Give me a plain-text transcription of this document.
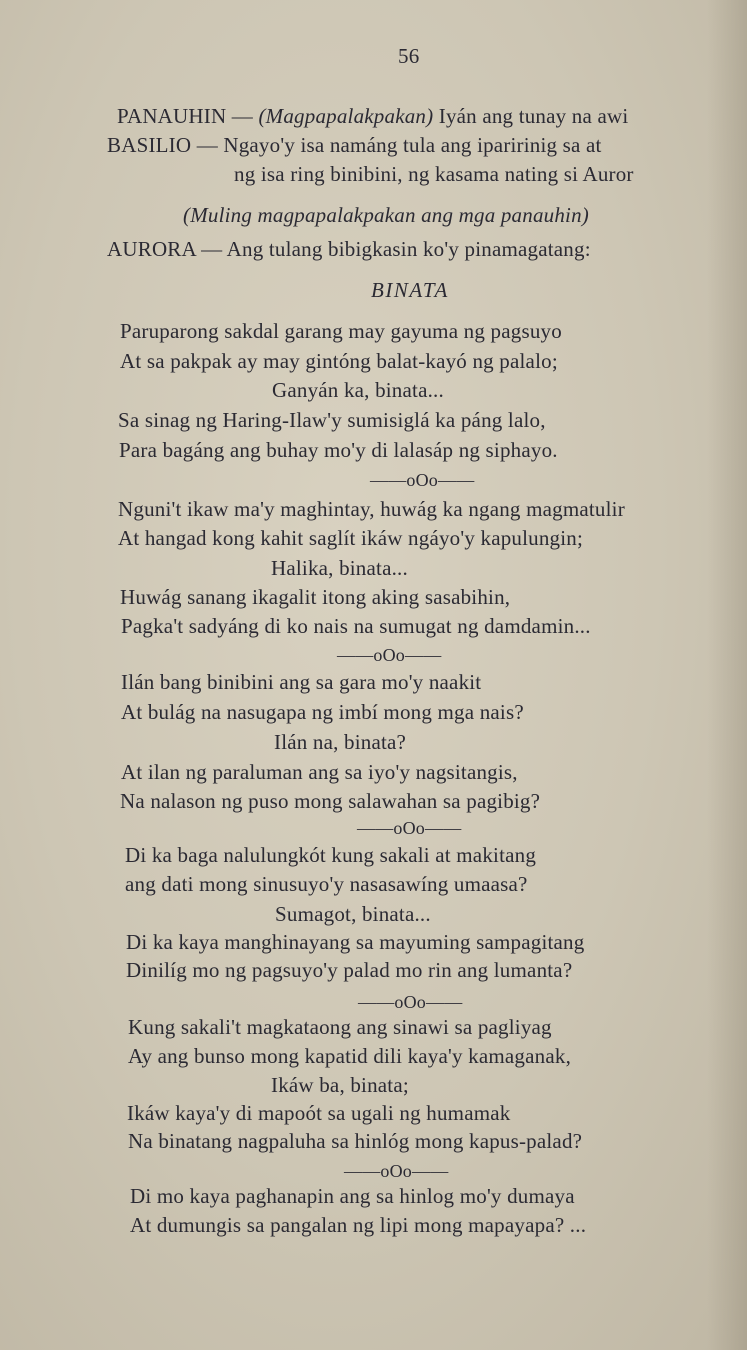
56
PANAUHIN — (Magpapalakpakan) Iyán ang tunay na awi
BASILIO — Ngayo'y isa namáng tula ang iparirinig sa at
ng isa ring binibini, ng kasama nating si Auror
(Muling magpapalakpakan ang mga panauhin)
AURORA — Ang tulang bibigkasin ko'y pinamagatang:
BINATA
Paruparong sakdal garang may gayuma ng pagsuyo
At sa pakpak ay may gintóng balat-kayó ng palalo;
Ganyán ka, binata...
Sa sinag ng Haring-Ilaw'y sumisiglá ka páng lalo,
Para bagáng ang buhay mo'y di lalasáp ng siphayo.
——oOo——
Nguni't ikaw ma'y maghintay, huwág ka ngang magmatulir
At hangad kong kahit saglít ikáw ngáyo'y kapulungin;
Halika, binata...
Huwág sanang ikagalit itong aking sasabihin,
Pagka't sadyáng di ko nais na sumugat ng damdamin...
——oOo——
Ilán bang binibini ang sa gara mo'y naakit
At bulág na nasugapa ng imbí mong mga nais?
Ilán na, binata?
At ilan ng paraluman ang sa iyo'y nagsitangis,
Na nalason ng puso mong salawahan sa pagibig?
——oOo——
Di ka baga nalulungkót kung sakali at makitang
ang dati mong sinusuyo'y nasasawíng umaasa?
Sumagot, binata...
Di ka kaya manghinayang sa mayuming sampagitang
Dinilíg mo ng pagsuyo'y palad mo rin ang lumanta?
——oOo——
Kung sakali't magkataong ang sinawi sa pagliyag
Ay ang bunso mong kapatid dili kaya'y kamaganak,
Ikáw ba, binata;
Ikáw kaya'y di mapoót sa ugali ng humamak
Na binatang nagpaluha sa hinlóg mong kapus-palad?
——oOo——
Di mo kaya paghanapin ang sa hinlog mo'y dumaya
At dumungis sa pangalan ng lipi mong mapayapa? ...
